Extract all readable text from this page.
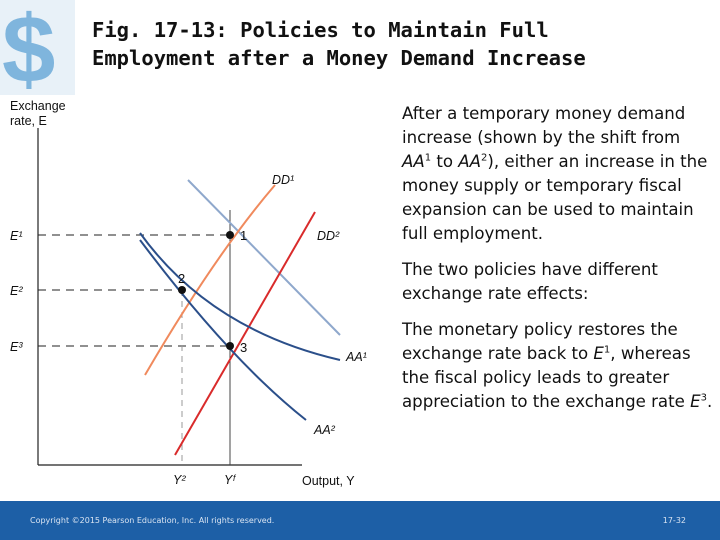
$ Fig. 17-13: Policies to Maintain Full
Employment after a Money Demand Increase
1
2
3
Exchange
rate, E
Output, Y
E¹
E²
E³
Y²	Yᶠ
DD¹
DD²
AA¹
AA²

After a temporary money demand increase (shown by the shift from $AA^1$ to $AA^2$), either an increase in the money supply or temporary fiscal expansion can be used to maintain full employment.

The two policies have different exchange rate effects:

The monetary policy restores the exchange rate back to $E^1$, whereas the fiscal policy leads to greater appreciation to the exchange rate $E^3$.

Copyright ©2015 Pearson Education, Inc. All rights reserved.	17-32
